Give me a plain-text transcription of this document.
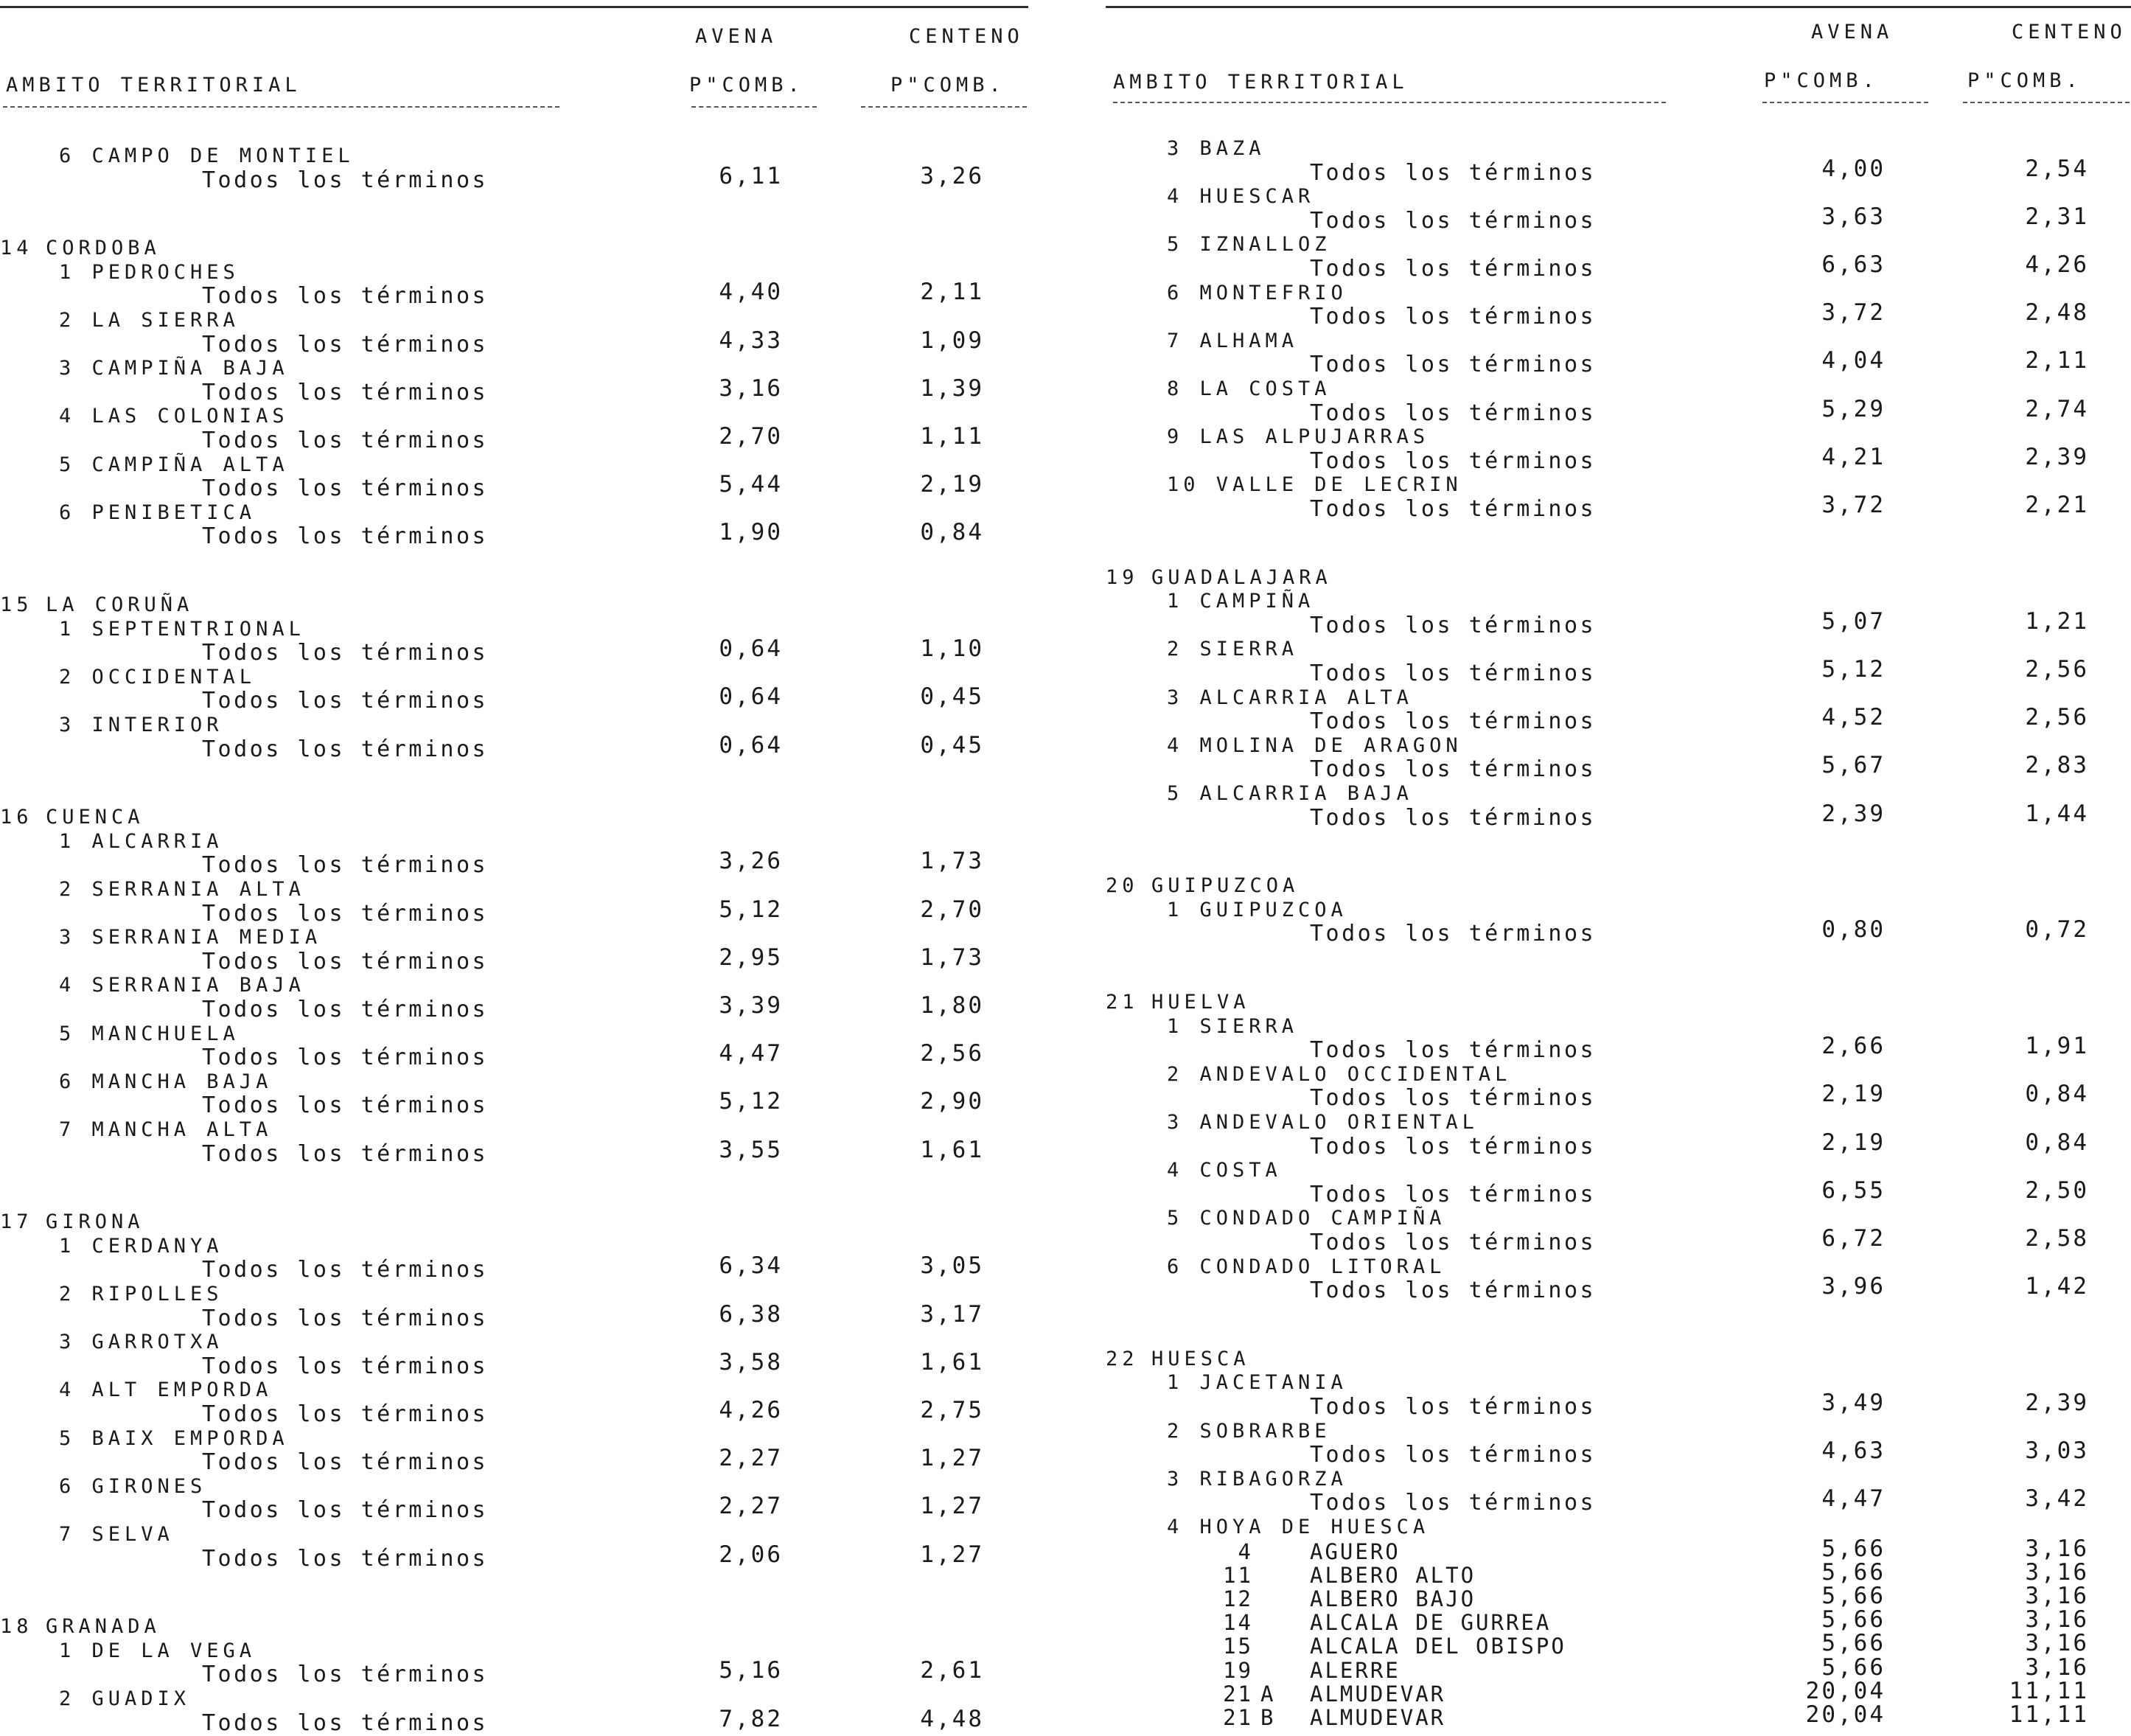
AVENA	CENTENO
AMBITO TERRITORIAL	P"COMB.	P"COMB.
6 CAMPO DE MONTIEL
Todos los términos	6,11	3,26
14 CORDOBA
1 PEDROCHES
Todos los términos	4,40	2,11
2 LA SIERRA
Todos los términos	4,33	1,09
3 CAMPIÑA BAJA
Todos los términos	3,16	1,39
4 LAS COLONIAS
Todos los términos	2,70	1,11
5 CAMPIÑA ALTA
Todos los términos	5,44	2,19
6 PENIBETICA
Todos los términos	1,90	0,84
15 LA CORUÑA
1 SEPTENTRIONAL
Todos los términos	0,64	1,10
2 OCCIDENTAL
Todos los términos	0,64	0,45
3 INTERIOR
Todos los términos	0,64	0,45
16 CUENCA
1 ALCARRIA
Todos los términos	3,26	1,73
2 SERRANIA ALTA
Todos los términos	5,12	2,70
3 SERRANIA MEDIA
Todos los términos	2,95	1,73
4 SERRANIA BAJA
Todos los términos	3,39	1,80
5 MANCHUELA
Todos los términos	4,47	2,56
6 MANCHA BAJA
Todos los términos	5,12	2,90
7 MANCHA ALTA
Todos los términos	3,55	1,61
17 GIRONA
1 CERDANYA
Todos los términos	6,34	3,05
2 RIPOLLES
Todos los términos	6,38	3,17
3 GARROTXA
Todos los términos	3,58	1,61
4 ALT EMPORDA
Todos los términos	4,26	2,75
5 BAIX EMPORDA
Todos los términos	2,27	1,27
6 GIRONES
Todos los términos	2,27	1,27
7 SELVA
Todos los términos	2,06	1,27
18 GRANADA
1 DE LA VEGA
Todos los términos	5,16	2,61
2 GUADIX
Todos los términos	7,82	4,48
AVENA	CENTENO
AMBITO TERRITORIAL	P"COMB.	P"COMB.
3 BAZA
Todos los términos	4,00	2,54
4 HUESCAR
Todos los términos	3,63	2,31
5 IZNALLOZ
Todos los términos	6,63	4,26
6 MONTEFRIO
Todos los términos	3,72	2,48
7 ALHAMA
Todos los términos	4,04	2,11
8 LA COSTA
Todos los términos	5,29	2,74
9 LAS ALPUJARRAS
Todos los términos	4,21	2,39
10 VALLE DE LECRIN
Todos los términos	3,72	2,21
19 GUADALAJARA
1 CAMPIÑA
Todos los términos	5,07	1,21
2 SIERRA
Todos los términos	5,12	2,56
3 ALCARRIA ALTA
Todos los términos	4,52	2,56
4 MOLINA DE ARAGON
Todos los términos	5,67	2,83
5 ALCARRIA BAJA
Todos los términos	2,39	1,44
20 GUIPUZCOA
1 GUIPUZCOA
Todos los términos	0,80	0,72
21 HUELVA
1 SIERRA
Todos los términos	2,66	1,91
2 ANDEVALO OCCIDENTAL
Todos los términos	2,19	0,84
3 ANDEVALO ORIENTAL
Todos los términos	2,19	0,84
4 COSTA
Todos los términos	6,55	2,50
5 CONDADO CAMPIÑA
Todos los términos	6,72	2,58
6 CONDADO LITORAL
Todos los términos	3,96	1,42
22 HUESCA
1 JACETANIA
Todos los términos	3,49	2,39
2 SOBRARBE
Todos los términos	4,63	3,03
3 RIBAGORZA
Todos los términos	4,47	3,42
4 HOYA DE HUESCA
4	AGUERO	5,66	3,16
11	ALBERO ALTO	5,66	3,16
12	ALBERO BAJO	5,66	3,16
14	ALCALA DE GURREA	5,66	3,16
15	ALCALA DEL OBISPO	5,66	3,16
19	ALERRE	5,66	3,16
21 A ALMUDEVAR	20,04	11,11
21 B ALMUDEVAR	20,04	11,11
